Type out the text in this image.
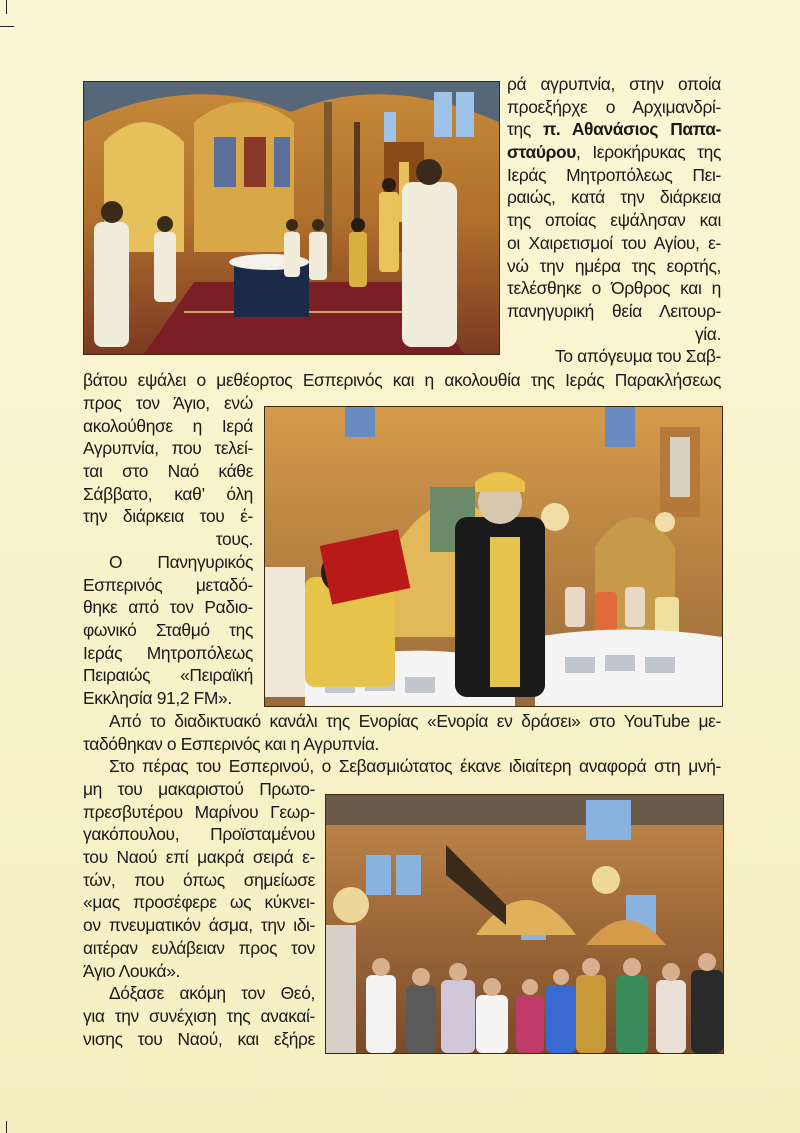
ρά αγρυπνία, στην οποία
προεξήρχε ο Αρχιμανδρί-
της π. Αθανάσιος Παπα-
σταύρου, Ιεροκήρυκας της
Ιεράς Μητροπόλεως Πει-
ραιώς, κατά την διάρκεια
της οποίας εψάλησαν και
οι Χαιρετισμοί του Αγίου, ε-
νώ την ημέρα της εορτής,
τελέσθηκε ο Όρθρος και η
πανηγυρική θεία Λειτουρ-
γία.
Το απόγευμα του Σαβ-
βάτου εψάλει ο μεθέορτος Εσπερινός και η ακολουθία της Ιεράς Παρακλήσεως
προς τον Άγιο, ενώ
ακολούθησε η Ιερά
Αγρυπνία, που τελεί-
ται στο Ναό κάθε
Σάββατο, καθ’ όλη
την διάρκεια του έ-
τους.
Ο Πανηγυρικός
Εσπερινός μεταδό-
θηκε από τον Ραδιο-
φωνικό Σταθμό της
Ιεράς Μητροπόλεως
Πειραιώς «Πειραϊκή
Εκκλησία 91,2 FM».
Από το διαδικτυακό κανάλι της Ενορίας «Ενορία εν δράσει» στο YouTube με-
ταδόθηκαν ο Εσπερινός και η Αγρυπνία.
Στο πέρας του Εσπερινού, ο Σεβασμιώτατος έκανε ιδιαίτερη αναφορά στη μνή-
μη του μακαριστού Πρωτο-
πρεσβυτέρου Μαρίνου Γεωρ-
γακόπουλου, Προϊσταμένου
του Ναού επί μακρά σειρά ε-
τών, που όπως σημείωσε
«μας προσέφερε ως κύκνει-
ον πνευματικόν άσμα, την ιδι-
αιτέραν ευλάβειαν προς τον
Άγιο Λουκά».
Δόξασε ακόμη τον Θεό,
για την συνέχιση της ανακαί-
νισης του Ναού, και εξήρε
